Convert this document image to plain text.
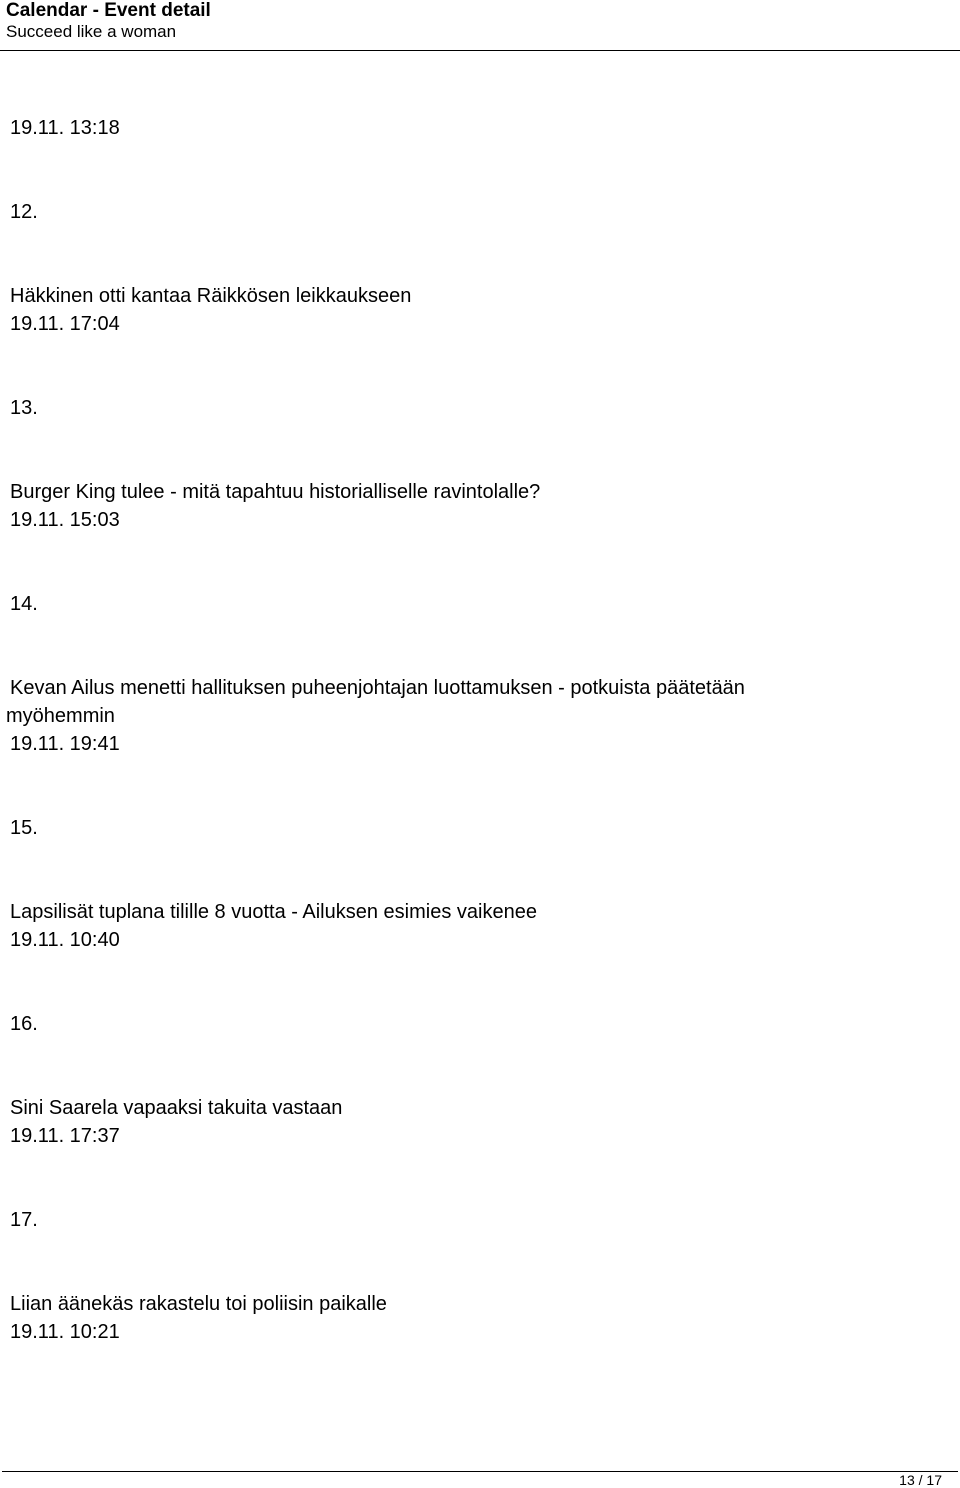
Calendar - Event detail
Succeed like a woman
19.11. 13:18
12.
Häkkinen otti kantaa Räikkösen leikkaukseen
19.11. 17:04
13.
Burger King tulee - mitä tapahtuu historialliselle ravintolalle?
19.11. 15:03
14.
Kevan Ailus menetti hallituksen puheenjohtajan luottamuksen - potkuista päätetään
myöhemmin
19.11. 19:41
15.
Lapsilisät tuplana tilille 8 vuotta - Ailuksen esimies vaikenee
19.11. 10:40
16.
Sini Saarela vapaaksi takuita vastaan
19.11. 17:37
17.
Liian äänekäs rakastelu toi poliisin paikalle
19.11. 10:21
13 / 17
